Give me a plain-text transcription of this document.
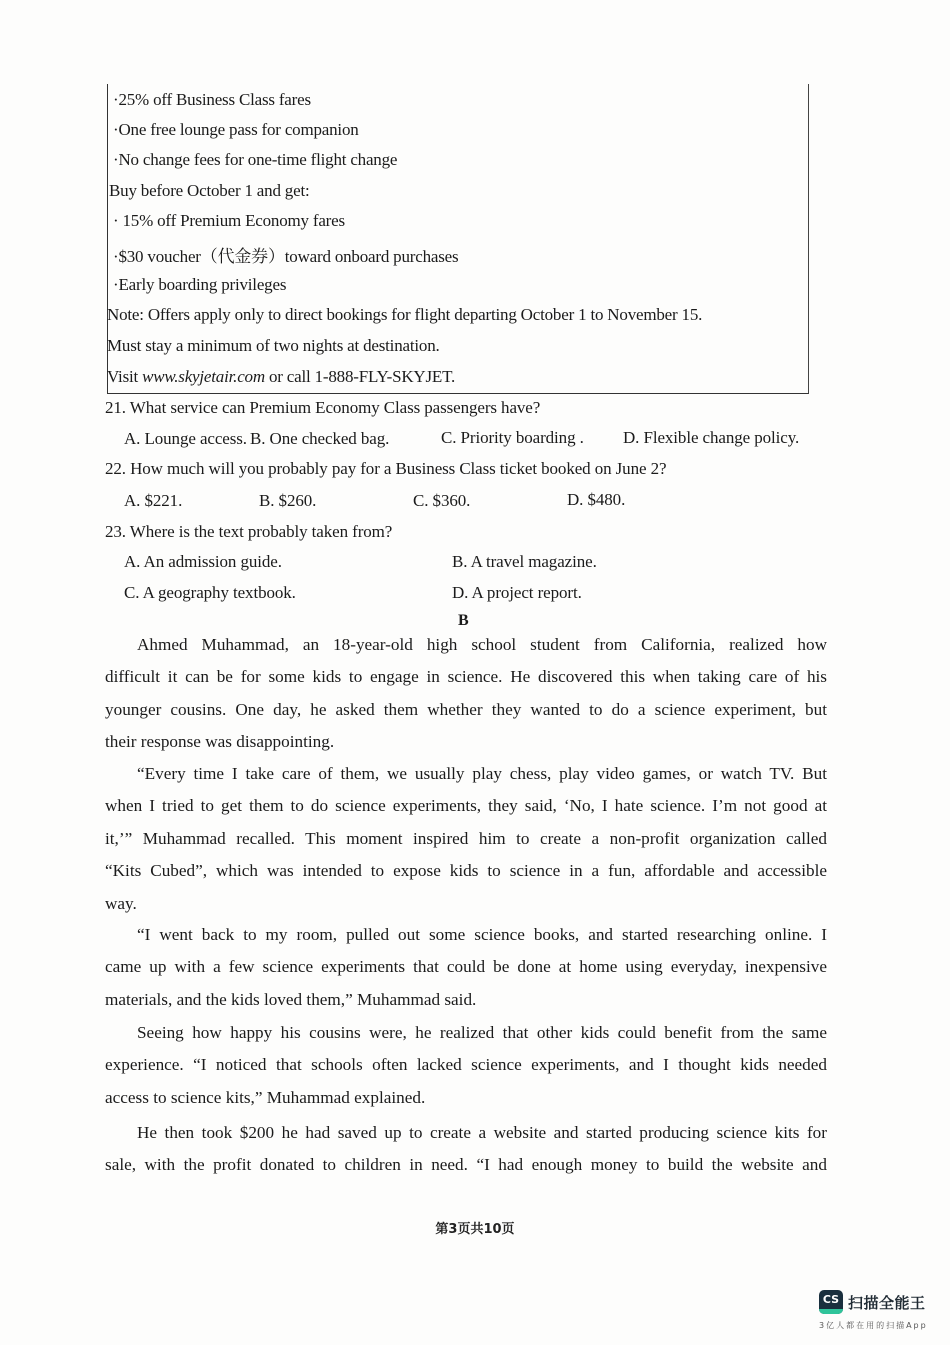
·25% off Business Class fares
·One free lounge pass for companion
·No change fees for one-time flight change
Buy before October 1 and get:
· 15% off Premium Economy fares
·$30 voucher（代金券）toward onboard purchases
·Early boarding privileges
Note: Offers apply only to direct bookings for flight departing October 1 to November 15.
Must stay a minimum of two nights at destination.
Visit www.skyjetair.com or call 1-888-FLY-SKYJET.
21. What service can Premium Economy Class passengers have?
A. Lounge access. B. One checked bag.	C. Priority boarding . D. Flexible change policy.
22. How much will you probably pay for a Business Class ticket booked on June 2?
A. $221.	B. $260.	C. $360.	D. $480.
23. Where is the text probably taken from?
A. An admission guide.	B. A travel magazine.
C. A geography textbook.	D. A project report.
B
Ahmed Muhammad, an 18-year-old high school student from California, realized how
difficult it can be for some kids to engage in science. He discovered this when taking care of his
younger cousins. One day, he asked them whether they wanted to do a science experiment, but
their response was disappointing.
“Every time I take care of them, we usually play chess, play video games, or watch TV. But
when I tried to get them to do science experiments, they said, ‘No, I hate science. I’m not good at
it,’” Muhammad recalled. This moment inspired him to create a non-profit organization called
“Kits Cubed”, which was intended to expose kids to science in a fun, affordable and accessible
way.
“I went back to my room, pulled out some science books, and started researching online. I
came up with a few science experiments that could be done at home using everyday, inexpensive
materials, and the kids loved them,” Muhammad said.
Seeing how happy his cousins were, he realized that other kids could benefit from the same
experience. “I noticed that schools often lacked science experiments, and I thought kids needed
access to science kits,” Muhammad explained.
He then took $200 he had saved up to create a website and started producing science kits for
sale, with the profit donated to children in need. “I had enough money to build the website and
第3页共10页
CS 扫描全能王
3亿人都在用的扫描App
